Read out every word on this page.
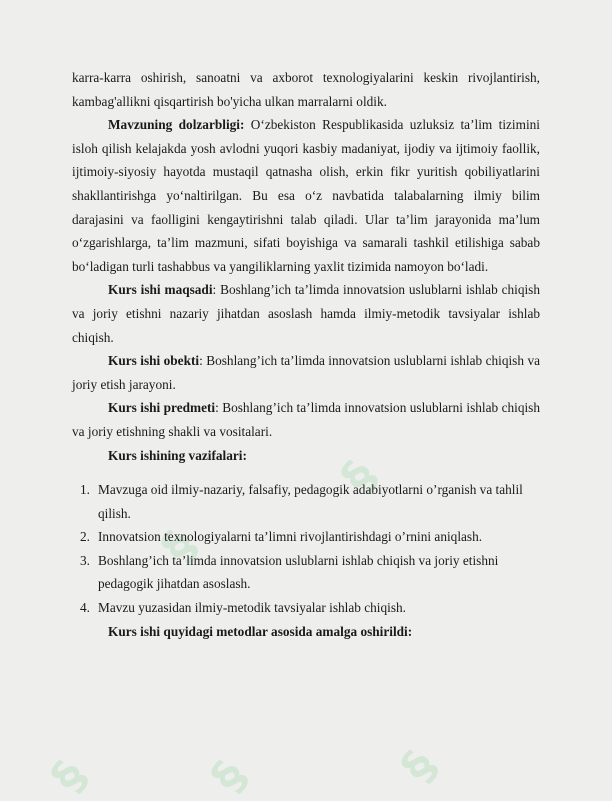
§
§
§ §	§

karra-karra oshirish, sanoatni va axborot texnologiyalarini keskin rivojlantirish, kambag'allikni qisqartirish bo'yicha ulkan marralarni oldik.

Mavzuning dolzarbligi: O‘zbekiston Respublikasida uzluksiz ta’lim tizimini isloh qilish kelajakda yosh avlodni yuqori kasbiy madaniyat, ijodiy va ijtimoiy faollik, ijtimoiy-siyosiy hayotda mustaqil qatnasha olish, erkin fikr yuritish qobiliyatlarini shakllantirishga yo‘naltirilgan. Bu esa o‘z navbatida talabalarning ilmiy bilim darajasini va faolligini kengaytirishni talab qiladi. Ular ta’lim jarayonida ma’lum o‘zgarishlarga, ta’lim mazmuni, sifati boyishiga va samarali tashkil etilishiga sabab bo‘ladigan turli tashabbus va yangiliklarning yaxlit tizimida namoyon bo‘ladi.

Kurs ishi maqsadi: Boshlang’ich ta’limda innovatsion uslublarni ishlab chiqish va joriy etishni nazariy jihatdan asoslash hamda ilmiy-metodik tavsiyalar ishlab chiqish.

Kurs ishi obekti: Boshlang’ich ta’limda innovatsion uslublarni ishlab chiqish va joriy etish jarayoni.

Kurs ishi predmeti: Boshlang’ich ta’limda innovatsion uslublarni ishlab chiqish va joriy etishning shakli va vositalari.

Kurs ishining vazifalari:

1. Mavzuga oid ilmiy-nazariy, falsafiy, pedagogik adabiyotlarni o’rganish va tahlil qilish.
2. Innovatsion texnologiyalarni ta’limni rivojlantirishdagi o’rnini aniqlash.
3. Boshlang’ich ta’limda innovatsion uslublarni ishlab chiqish va joriy etishni pedagogik jihatdan asoslash.
4. Mavzu yuzasidan ilmiy-metodik tavsiyalar ishlab chiqish.

Kurs ishi quyidagi metodlar asosida amalga oshirildi:
